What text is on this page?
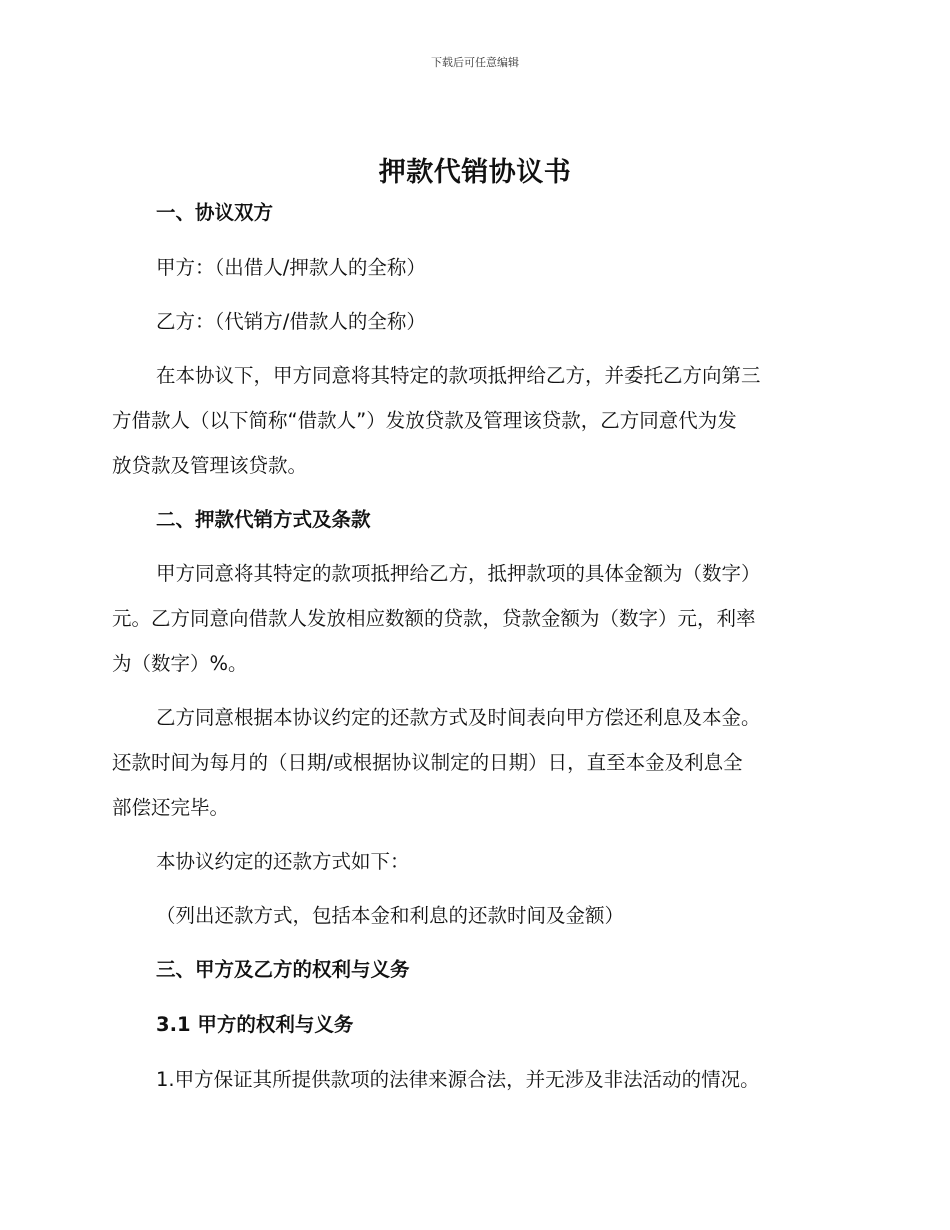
下载后可任意编辑
押款代销协议书
一、协议双方
甲方：（出借人/押款人的全称）
乙方：（代销方/借款人的全称）
在本协议下，甲方同意将其特定的款项抵押给乙方，并委托乙方向第三
方借款人（以下简称“借款人”）发放贷款及管理该贷款，乙方同意代为发
放贷款及管理该贷款。
二、押款代销方式及条款
甲方同意将其特定的款项抵押给乙方，抵押款项的具体金额为（数字）
元。乙方同意向借款人发放相应数额的贷款，贷款金额为（数字）元，利率
为（数字）%。
乙方同意根据本协议约定的还款方式及时间表向甲方偿还利息及本金。
还款时间为每月的（日期/或根据协议制定的日期）日，直至本金及利息全
部偿还完毕。
本协议约定的还款方式如下：
（列出还款方式，包括本金和利息的还款时间及金额）
三、甲方及乙方的权利与义务
3.1 甲方的权利与义务
1.甲方保证其所提供款项的法律来源合法，并无涉及非法活动的情况。
